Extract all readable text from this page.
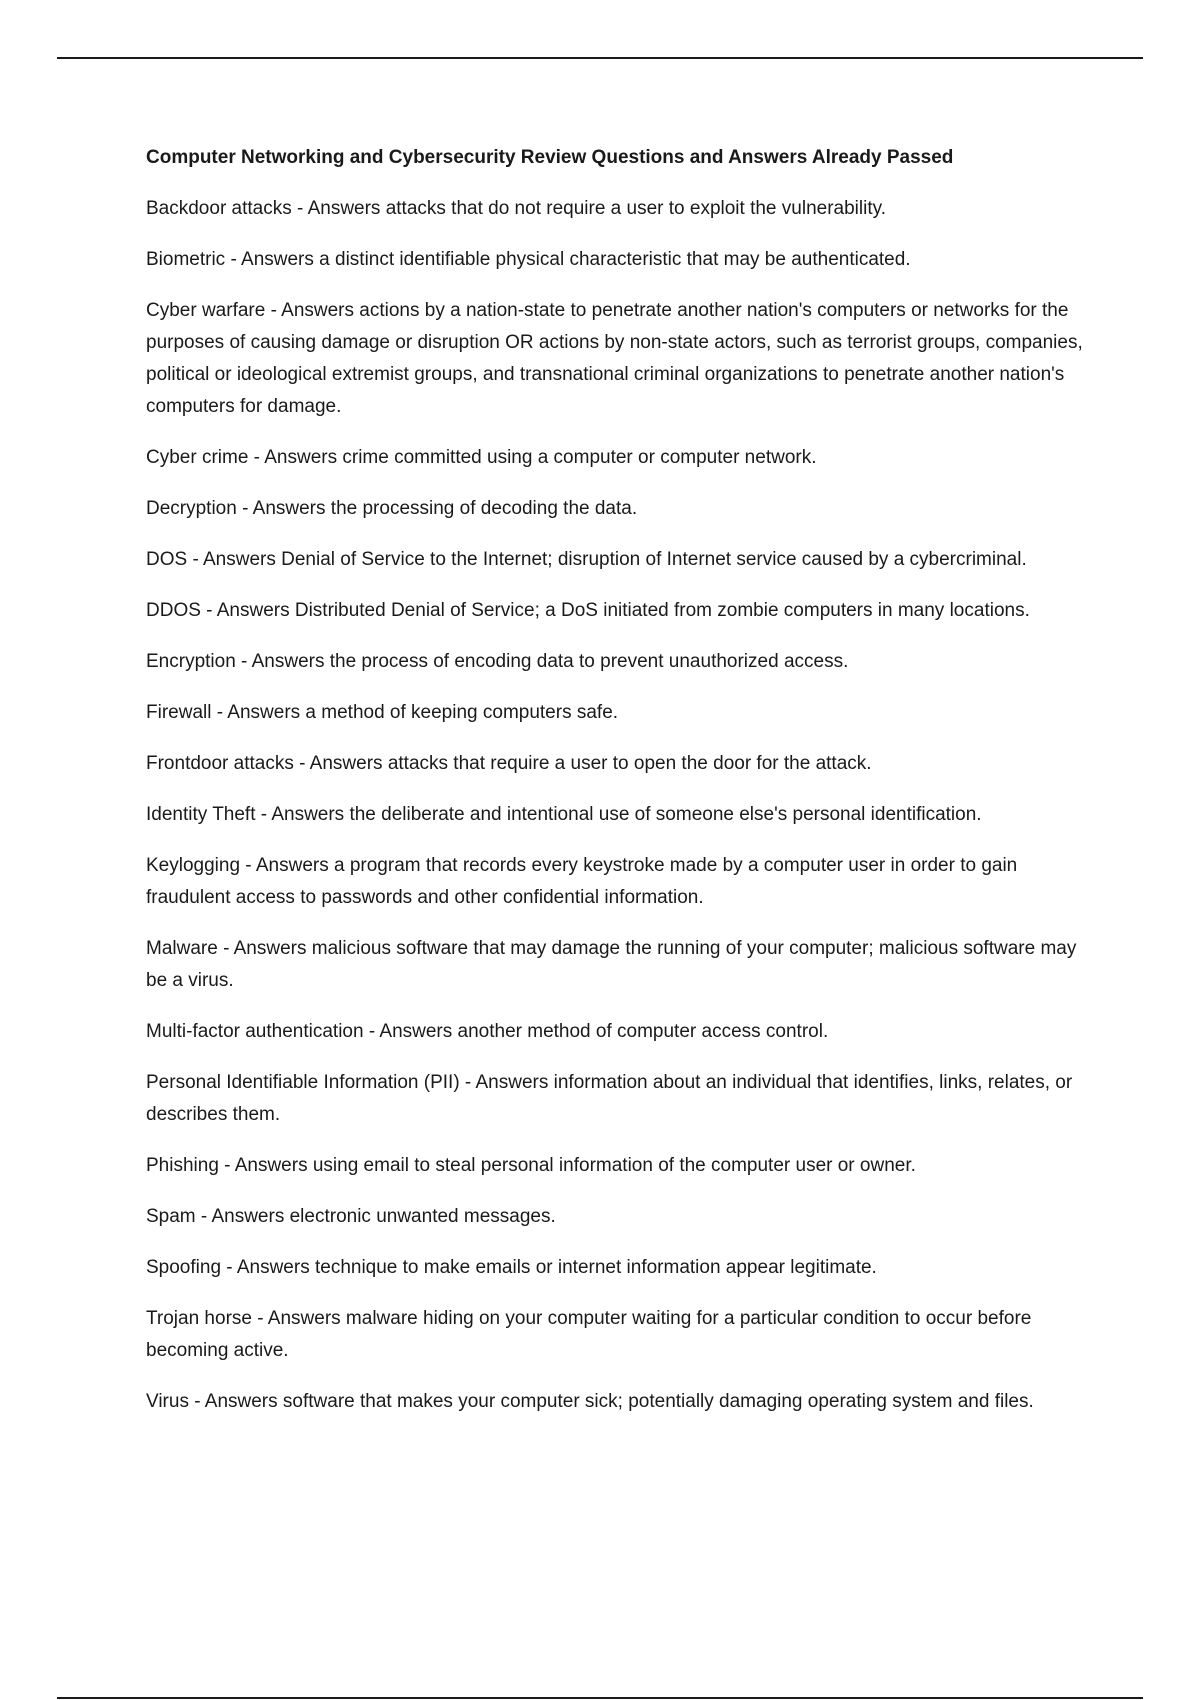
Computer Networking and Cybersecurity Review Questions and Answers Already Passed

Backdoor attacks - Answers attacks that do not require a user to exploit the vulnerability.

Biometric - Answers a distinct identifiable physical characteristic that may be authenticated.

Cyber warfare - Answers actions by a nation-state to penetrate another nation's computers or networks for the purposes of causing damage or disruption OR actions by non-state actors, such as terrorist groups, companies, political or ideological extremist groups, and transnational criminal organizations to penetrate another nation's computers for damage.

Cyber crime - Answers crime committed using a computer or computer network.

Decryption - Answers the processing of decoding the data.

DOS - Answers Denial of Service to the Internet; disruption of Internet service caused by a cybercriminal.

DDOS - Answers Distributed Denial of Service; a DoS initiated from zombie computers in many locations.

Encryption - Answers the process of encoding data to prevent unauthorized access.

Firewall - Answers a method of keeping computers safe.

Frontdoor attacks - Answers attacks that require a user to open the door for the attack.

Identity Theft - Answers the deliberate and intentional use of someone else's personal identification.

Keylogging - Answers a program that records every keystroke made by a computer user in order to gain fraudulent access to passwords and other confidential information.

Malware - Answers malicious software that may damage the running of your computer; malicious software may be a virus.

Multi-factor authentication - Answers another method of computer access control.

Personal Identifiable Information (PII) - Answers information about an individual that identifies, links, relates, or describes them.

Phishing - Answers using email to steal personal information of the computer user or owner.

Spam - Answers electronic unwanted messages.

Spoofing - Answers technique to make emails or internet information appear legitimate.

Trojan horse - Answers malware hiding on your computer waiting for a particular condition to occur before becoming active.

Virus - Answers software that makes your computer sick; potentially damaging operating system and files.
